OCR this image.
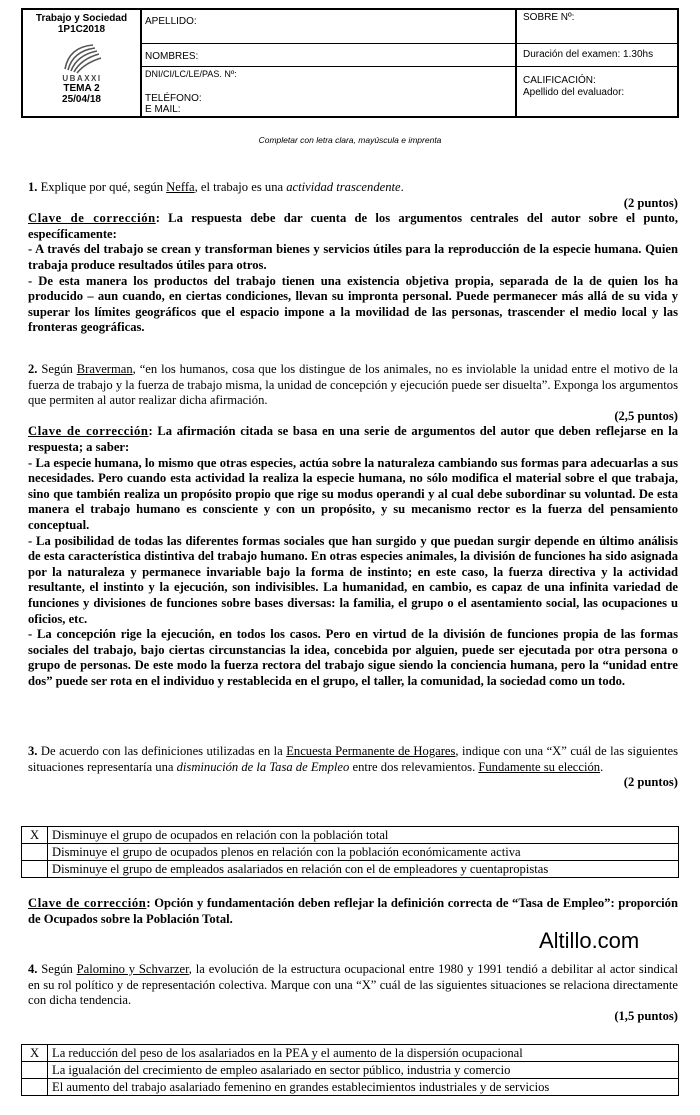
Trabajo y Sociedad
1P1C2018
UBAXXI
TEMA 2
25/04/18
APELLIDO:
NOMBRES:
DNI/CI/LC/LE/PAS. Nº:
TELÉFONO:
E MAIL:
SOBRE Nº:
Duración del examen: 1.30hs
CALIFICACIÓN:
Apellido del evaluador:
Completar con letra clara, mayúscula e imprenta
1. Explique por qué, según Neffa, el trabajo es una actividad trascendente.
(2 puntos)
Clave de corrección: La respuesta debe dar cuenta de los argumentos centrales del autor sobre el punto, específicamente:
- A través del trabajo se crean y transforman bienes y servicios útiles para la reproducción de la especie humana. Quien trabaja produce resultados útiles para otros.
- De esta manera los productos del trabajo tienen una existencia objetiva propia, separada de la de quien los ha producido – aun cuando, en ciertas condiciones, llevan su impronta personal. Puede permanecer más allá de su vida y superar los límites geográficos que el espacio impone a la movilidad de las personas, trascender el medio local y las fronteras geográficas.
2. Según Braverman, “en los humanos, cosa que los distingue de los animales, no es inviolable la unidad entre el motivo de la fuerza de trabajo y la fuerza de trabajo misma, la unidad de concepción y ejecución puede ser disuelta”. Exponga los argumentos que permiten al autor realizar dicha afirmación.
(2,5 puntos)
Clave de corrección: La afirmación citada se basa en una serie de argumentos del autor que deben reflejarse en la respuesta; a saber:
- La especie humana, lo mismo que otras especies, actúa sobre la naturaleza cambiando sus formas para adecuarlas a sus necesidades. Pero cuando esta actividad la realiza la especie humana, no sólo modifica el material sobre el que trabaja, sino que también realiza un propósito propio que rige su modus operandi y al cual debe subordinar su voluntad. De esta manera el trabajo humano es consciente y con un propósito, y su mecanismo rector es la fuerza del pensamiento conceptual.
- La posibilidad de todas las diferentes formas sociales que han surgido y que puedan surgir depende en último análisis de esta característica distintiva del trabajo humano. En otras especies animales, la división de funciones ha sido asignada por la naturaleza y permanece invariable bajo la forma de instinto; en este caso, la fuerza directiva y la actividad resultante, el instinto y la ejecución, son indivisibles. La humanidad, en cambio, es capaz de una infinita variedad de funciones y divisiones de funciones sobre bases diversas: la familia, el grupo o el asentamiento social, las ocupaciones u oficios, etc.
- La concepción rige la ejecución, en todos los casos. Pero en virtud de la división de funciones propia de las formas sociales del trabajo, bajo ciertas circunstancias la idea, concebida por alguien, puede ser ejecutada por otra persona o grupo de personas. De este modo la fuerza rectora del trabajo sigue siendo la conciencia humana, pero la “unidad entre dos” puede ser rota en el individuo y restablecida en el grupo, el taller, la comunidad, la sociedad como un todo.
3. De acuerdo con las definiciones utilizadas en la Encuesta Permanente de Hogares, indique con una “X” cuál de las siguientes situaciones representaría una disminución de la Tasa de Empleo entre dos relevamientos. Fundamente su elección.
(2 puntos)
X	Disminuye el grupo de ocupados en relación con la población total
	Disminuye el grupo de ocupados plenos en relación con la población económicamente activa
	Disminuye el grupo de empleados asalariados en relación con el de empleadores y cuentapropistas
Clave de corrección: Opción y fundamentación deben reflejar la definición correcta de “Tasa de Empleo”: proporción de Ocupados sobre la Población Total.
Altillo.com
4. Según Palomino y Schvarzer, la evolución de la estructura ocupacional entre 1980 y 1991 tendió a debilitar al actor sindical en su rol político y de representación colectiva. Marque con una “X” cuál de las siguientes situaciones se relaciona directamente con dicha tendencia.
(1,5 puntos)
X	La reducción del peso de los asalariados en la PEA y el aumento de la dispersión ocupacional
	La igualación del crecimiento de empleo asalariado en sector público, industria y comercio
	El aumento del trabajo asalariado femenino en grandes establecimientos industriales y de servicios
